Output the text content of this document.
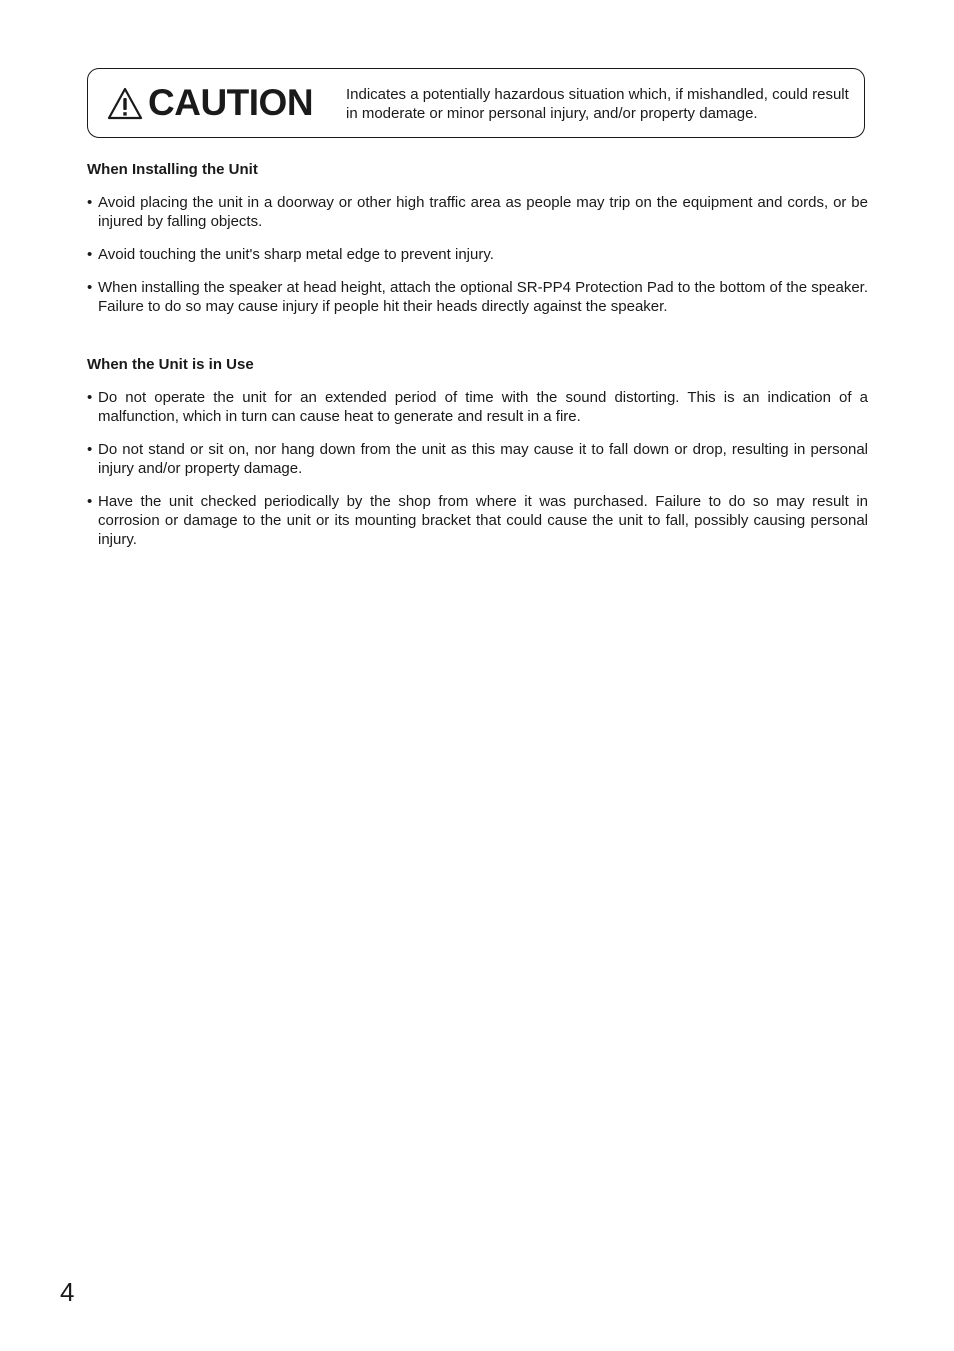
CAUTION Indicates a potentially hazardous situation which, if mishandled, could result in moderate or minor personal injury, and/or property damage.
When Installing the Unit
• Avoid placing the unit in a doorway or other high traffic area as people may trip on the equipment and cords, or be injured by falling objects.
• Avoid touching the unit's sharp metal edge to prevent injury.
• When installing the speaker at head height, attach the optional SR-PP4 Protection Pad to the bottom of the speaker. Failure to do so may cause injury if people hit their heads directly against the speaker.
When the Unit is in Use
• Do not operate the unit for an extended period of time with the sound distorting. This is an indication of a malfunction, which in turn can cause heat to generate and result in a fire.
• Do not stand or sit on, nor hang down from the unit as this may cause it to fall down or drop, resulting in personal injury and/or property damage.
• Have the unit checked periodically by the shop from where it was purchased. Failure to do so may result in corrosion or damage to the unit or its mounting bracket that could cause the unit to fall, possibly causing personal injury.
4
